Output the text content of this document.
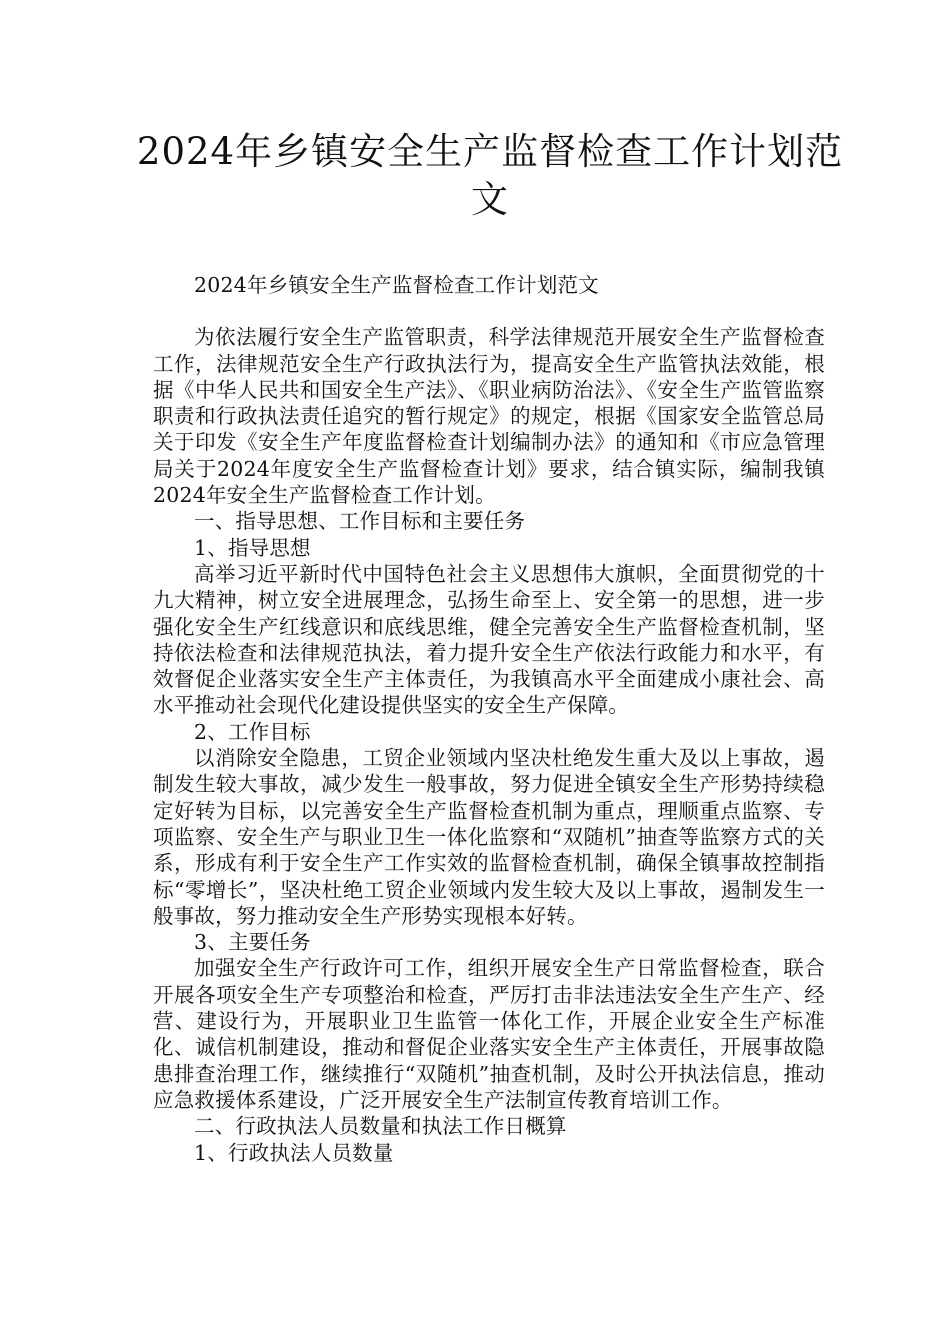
2024年乡镇安全生产监督检查工作计划范文

2024年乡镇安全生产监督检查工作计划范文

为依法履行安全生产监管职责，科学法律规范开展安全生产监督检查工作，法律规范安全生产行政执法行为，提高安全生产监管执法效能，根据《中华人民共和国安全生产法》、《职业病防治法》、《安全生产监管监察职责和行政执法责任追究的暂行规定》的规定，根据《国家安全监管总局关于印发《安全生产年度监督检查计划编制办法》的通知和《市应急管理局关于2024年度安全生产监督检查计划》要求，结合镇实际，编制我镇2024年安全生产监督检查工作计划。

一、指导思想、工作目标和主要任务

1、指导思想

高举习近平新时代中国特色社会主义思想伟大旗帜，全面贯彻党的十九大精神，树立安全进展理念，弘扬生命至上、安全第一的思想，进一步强化安全生产红线意识和底线思维，健全完善安全生产监督检查机制，坚持依法检查和法律规范执法，着力提升安全生产依法行政能力和水平，有效督促企业落实安全生产主体责任，为我镇高水平全面建成小康社会、高水平推动社会现代化建设提供坚实的安全生产保障。

2、工作目标

以消除安全隐患，工贸企业领域内坚决杜绝发生重大及以上事故，遏制发生较大事故，减少发生一般事故，努力促进全镇安全生产形势持续稳定好转为目标，以完善安全生产监督检查机制为重点，理顺重点监察、专项监察、安全生产与职业卫生一体化监察和“双随机”抽查等监察方式的关系，形成有利于安全生产工作实效的监督检查机制，确保全镇事故控制指标“零增长”，坚决杜绝工贸企业领域内发生较大及以上事故，遏制发生一般事故，努力推动安全生产形势实现根本好转。

3、主要任务

加强安全生产行政许可工作，组织开展安全生产日常监督检查，联合开展各项安全生产专项整治和检查，严厉打击非法违法安全生产生产、经营、建设行为，开展职业卫生监管一体化工作，开展企业安全生产标准化、诚信机制建设，推动和督促企业落实安全生产主体责任，开展事故隐患排查治理工作，继续推行“双随机”抽查机制，及时公开执法信息，推动应急救援体系建设，广泛开展安全生产法制宣传教育培训工作。

二、行政执法人员数量和执法工作日概算

1、行政执法人员数量
